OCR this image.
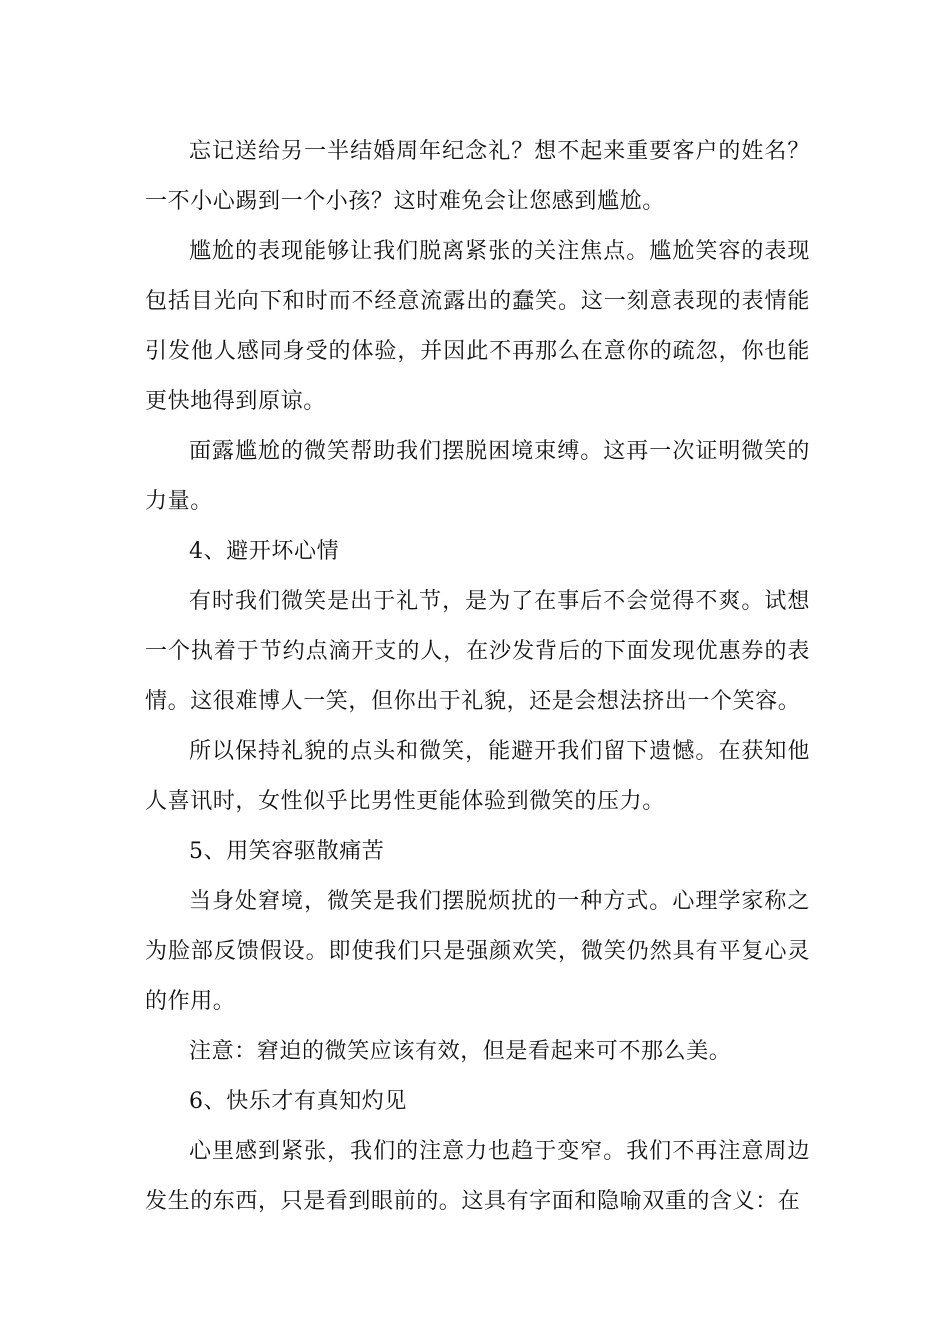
忘记送给另一半结婚周年纪念礼？想不起来重要客户的姓名？一不小心踢到一个小孩？这时难免会让您感到尴尬。

尴尬的表现能够让我们脱离紧张的关注焦点。尴尬笑容的表现包括目光向下和时而不经意流露出的蠢笑。这一刻意表现的表情能引发他人感同身受的体验，并因此不再那么在意你的疏忽，你也能更快地得到原谅。

面露尴尬的微笑帮助我们摆脱困境束缚。这再一次证明微笑的力量。

4、避开坏心情

有时我们微笑是出于礼节，是为了在事后不会觉得不爽。试想一个执着于节约点滴开支的人，在沙发背后的下面发现优惠券的表情。这很难博人一笑，但你出于礼貌，还是会想法挤出一个笑容。

所以保持礼貌的点头和微笑，能避开我们留下遗憾。在获知他人喜讯时，女性似乎比男性更能体验到微笑的压力。

5、用笑容驱散痛苦

当身处窘境，微笑是我们摆脱烦扰的一种方式。心理学家称之为脸部反馈假设。即使我们只是强颜欢笑，微笑仍然具有平复心灵的作用。

注意：窘迫的微笑应该有效，但是看起来可不那么美。

6、快乐才有真知灼见

心里感到紧张，我们的注意力也趋于变窄。我们不再注意周边发生的东西，只是看到眼前的。这具有字面和隐喻双重的含义：在
